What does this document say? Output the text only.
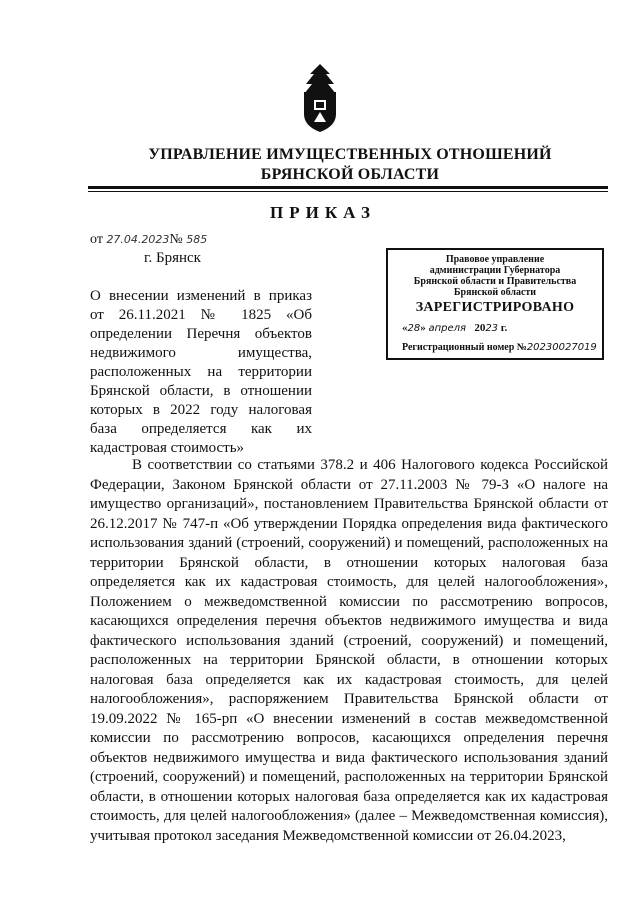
УПРАВЛЕНИЕ ИМУЩЕСТВЕННЫХ ОТНОШЕНИЙ
БРЯНСКОЙ ОБЛАСТИ
ПРИКАЗ
от 27.04.2023№ 585
г. Брянск
О внесении изменений в приказ от 26.11.2021 № 1825 «Об определении Перечня объектов недвижимого имущества, расположенных на территории Брянской области, в отношении которых в 2022 году налоговая база определяется как их кадастровая стоимость»
Правовое управление
администрации Губернатора
Брянской области и Правительства
Брянской области
ЗАРЕГИСТРИРОВАНО
«28» апреля 2023 г.
Регистрационный номер №20230027019
В соответствии со статьями 378.2 и 406 Налогового кодекса Российской Федерации, Законом Брянской области от 27.11.2003 № 79-З «О налоге на имущество организаций», постановлением Правительства Брянской области от 26.12.2017 № 747-п «Об утверждении Порядка определения вида фактического использования зданий (строений, сооружений) и помещений, расположенных на территории Брянской области, в отношении которых налоговая база определяется как их кадастровая стоимость, для целей налогообложения», Положением о межведомственной комиссии по рассмотрению вопросов, касающихся определения перечня объектов недвижимого имущества и вида фактического использования зданий (строений, сооружений) и помещений, расположенных на территории Брянской области, в отношении которых налоговая база определяется как их кадастровая стоимость, для целей налогообложения», распоряжением Правительства Брянской области от 19.09.2022 № 165-рп «О внесении изменений в состав межведомственной комиссии по рассмотрению вопросов, касающихся определения перечня объектов недвижимого имущества и вида фактического использования зданий (строений, сооружений) и помещений, расположенных на территории Брянской области, в отношении которых налоговая база определяется как их кадастровая стоимость, для целей налогообложения» (далее – Межведомственная комиссия), учитывая протокол заседания Межведомственной комиссии от 26.04.2023,
